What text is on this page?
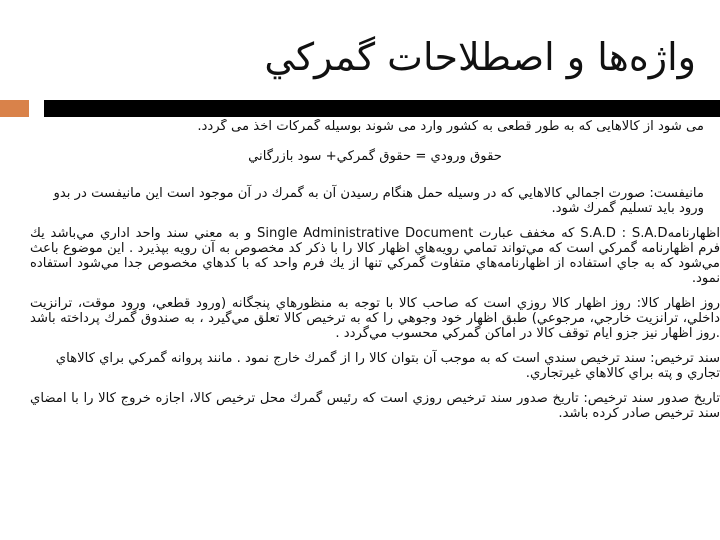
واژه‌ها و اصطلاحات گمرکي

می شود از کالاهایی که به طور قطعی به کشور وارد می شوند بوسیله گمرکات اخذ می گردد.

حقوق ورودي = حقوق گمرکي+ سود بازرگاني

مانيفست: صورت اجمالي کالاهايي که در وسيله حمل هنگام رسيدن آن به گمرك در آن موجود است اين مانيفست در بدو ورود بايد تسليم گمرك شود.

اظهارنامهS.A.D : S.A.D که مخفف عبارت Single Administrative Document و به معني سند واحد اداري مي‌باشد يك فرم اظهارنامه گمرکي است که مي‌تواند تمامي رويه‌هاي اظهار کالا را با ذکر کد مخصوص به آن رويه بپذيرد . اين موضوع باعث مي‌شود که به جاي استفاده از اظهارنامه‌هاي متفاوت گمرکي تنها از يك فرم واحد که با کدهاي مخصوص جدا مي‌شود استفاده نمود.

روز اظهار کالا: روز اظهار کالا روزي است که صاحب کالا با توجه به منظورهاي پنجگانه (ورود قطعي، ورود موقت، ترانزيت داخلي، ترانزيت خارجي، مرجوعي) طبق اظهار خود وجوهي را که به ترخيص کالا تعلق مي‌گيرد ، به صندوق گمرك پرداخته باشد .روز اظهار نيز جزو ايام توقف کالا در اماکن گمرکي محسوب مي‌گردد .

سند ترخيص: سند ترخيص سندي است که به موجب آن بتوان کالا را از گمرك خارج نمود . مانند پروانه گمرکي براي کالاهاي تجاري و پته براي کالاهاي غيرتجاري.

تاريخ صدور سند ترخيص: تاريخ صدور سند ترخيص روزي است که رئيس گمرك محل ترخيص کالا، اجازه خروج کالا را با امضاي سند ترخيص صادر کرده باشد.
